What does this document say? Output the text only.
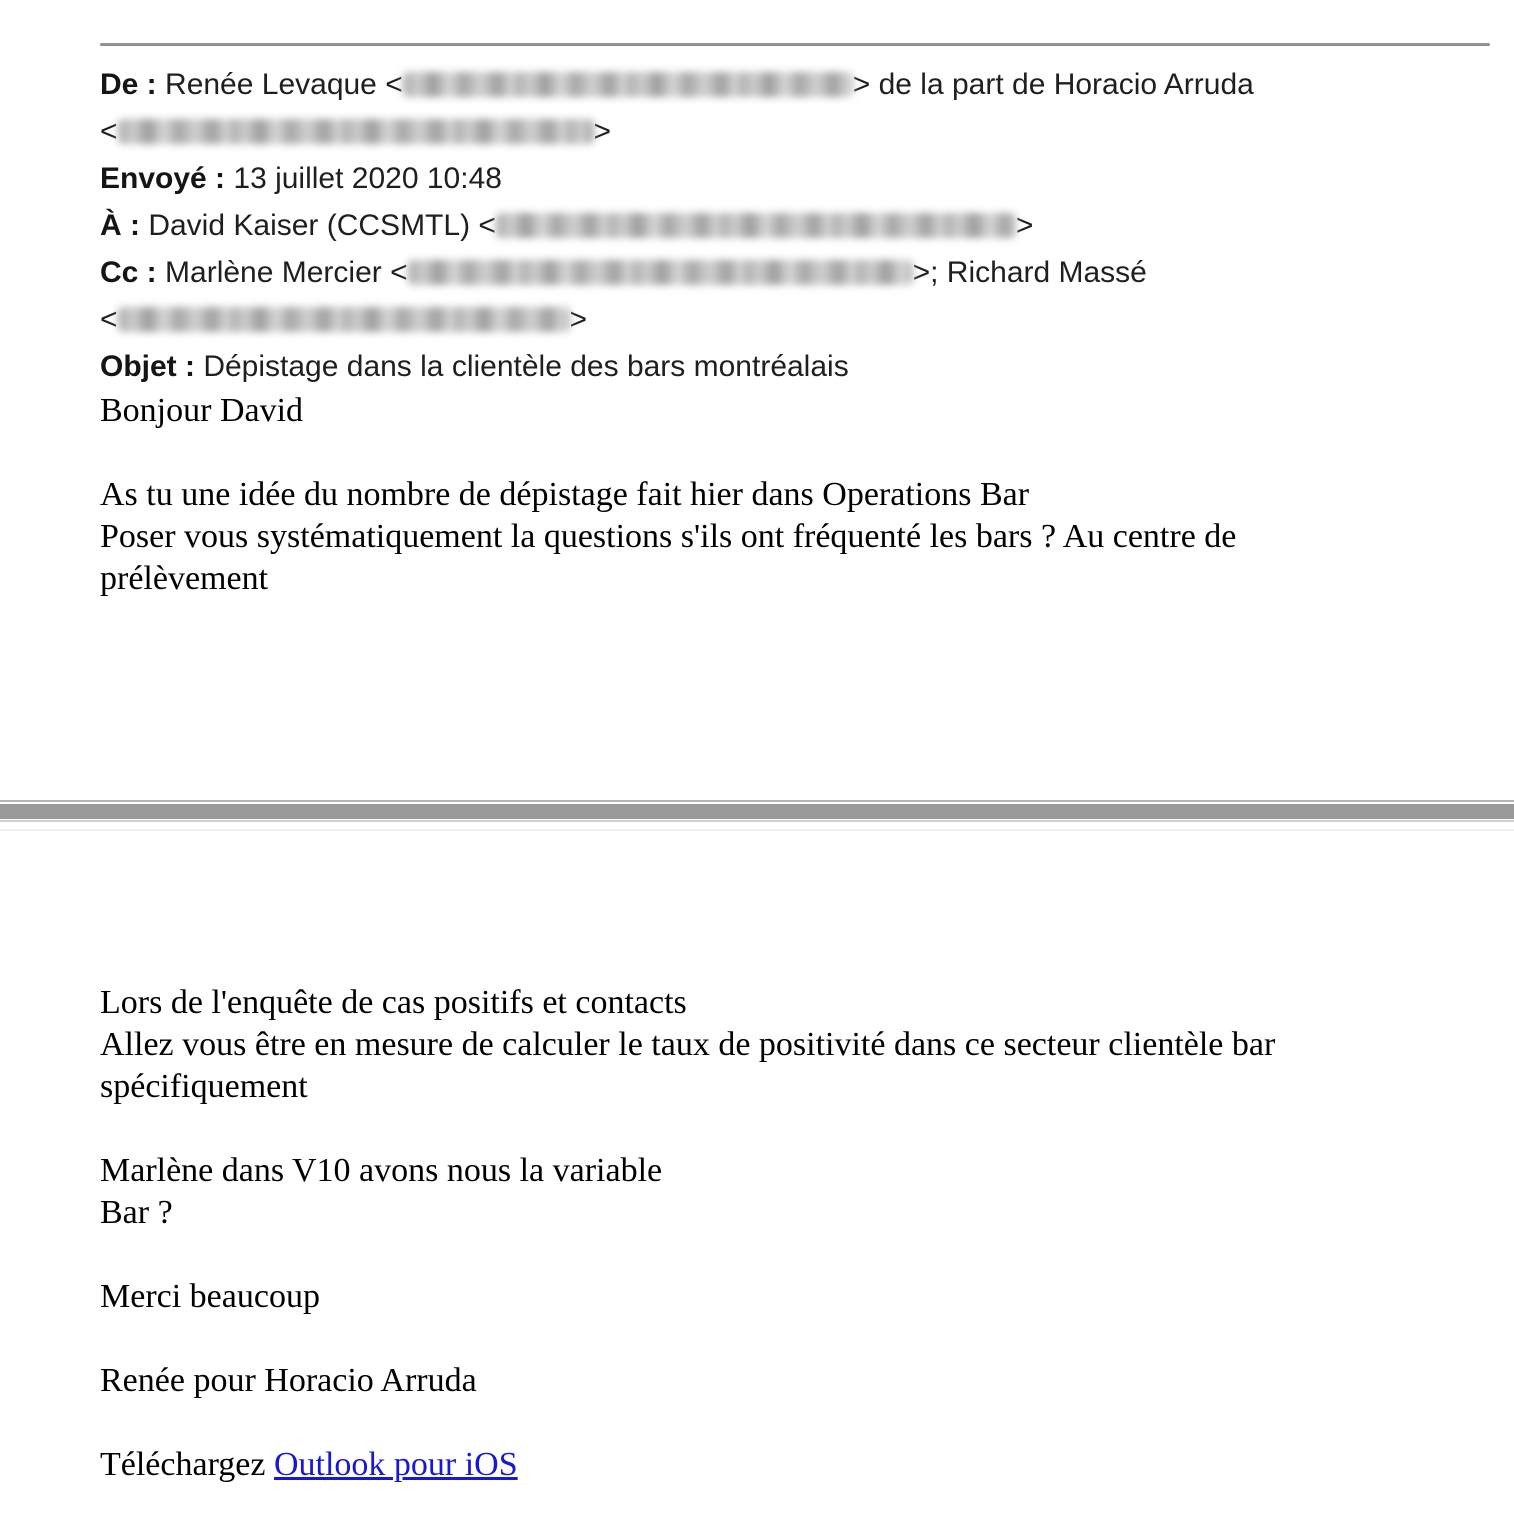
De : Renée Levaque <	> de la part de Horacio Arruda
<	>
Envoyé : 13 juillet 2020 10:48
À : David Kaiser (CCSMTL) <	>
Cc : Marlène Mercier <	>; Richard Massé
<	>
Objet : Dépistage dans la clientèle des bars montréalais
Bonjour David
As tu une idée du nombre de dépistage fait hier dans Operations Bar
Poser vous systématiquement la questions s'ils ont fréquenté les bars ? Au centre de
prélèvement
Lors de l'enquête de cas positifs et contacts
Allez vous être en mesure de calculer le taux de positivité dans ce secteur clientèle bar
spécifiquement
Marlène dans V10 avons nous la variable
Bar ?
Merci beaucoup
Renée pour Horacio Arruda
Téléchargez Outlook pour iOS
